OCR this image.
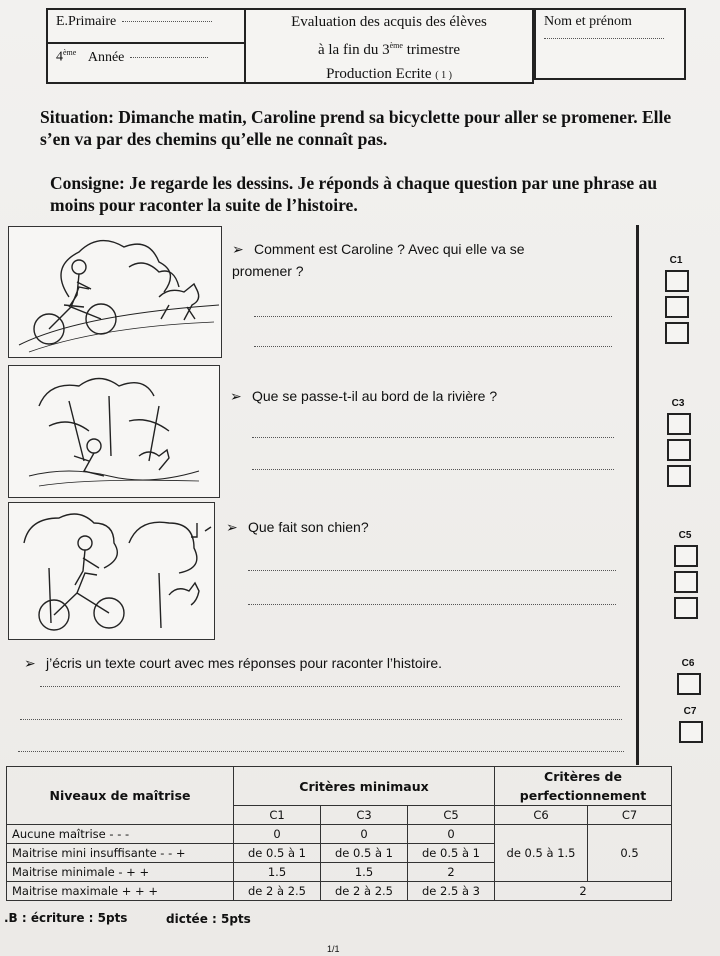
E.Primaire
4ème Année
Evaluation des acquis des élèves
à la fin du 3ème trimestre
Production Ecrite ( 1 )
Nom et prénom
Situation: Dimanche matin, Caroline prend sa bicyclette pour aller se promener. Elle s’en va par des chemins qu’elle ne connaît pas.
Consigne: Je regarde les dessins. Je réponds à chaque question par une phrase au moins pour raconter la suite de l’histoire.
➢ Comment est Caroline ? Avec qui elle va se promener ?
➢ Que se passe-t-il au bord de la rivière ?
➢ Que fait son chien?
➢ j’écris un texte court avec mes réponses pour raconter l’histoire.
C1
C3
C5
C6
C7
Niveaux de maîtrise	Critères minimaux			Critères de perfectionnement	
	C1	C3	C5	C6	C7
Aucune maîtrise - - -	0	0	0	de 0.5 à 1.5	0.5
Maitrise mini insuffisante - - +	de 0.5 à 1	de 0.5 à 1	de 0.5 à 1		
Maitrise minimale - + +	1.5	1.5	2		
Maitrise maximale + + +	de 2 à 2.5	de 2 à 2.5	de 2.5 à 3	2	
.B : écriture : 5pts	dictée : 5pts
1/1
